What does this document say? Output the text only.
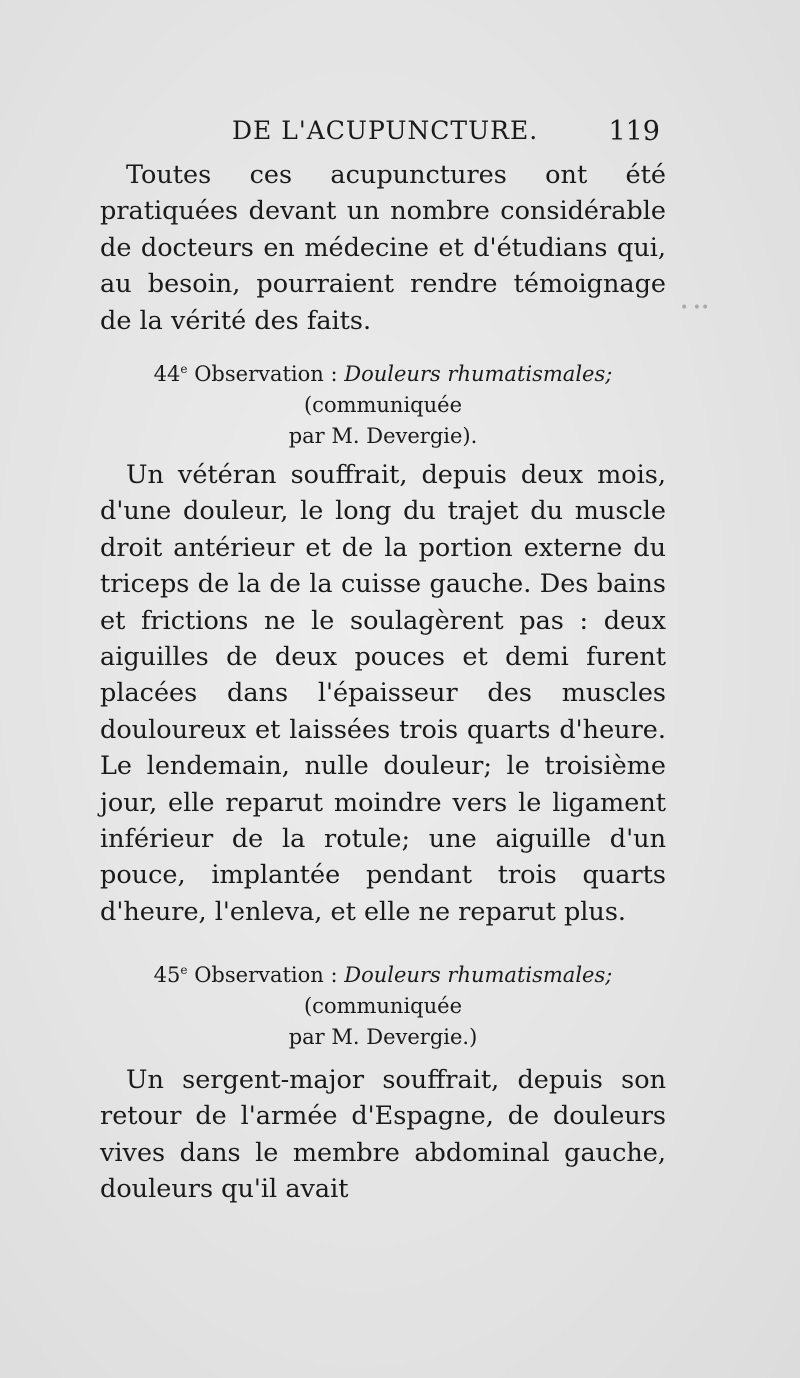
DE L'ACUPUNCTURE.	119

Toutes ces acupunctures ont été pratiquées devant un nombre considérable de docteurs en médecine et d'étudians qui, au besoin, pourraient rendre témoignage de la vérité des faits.

44e Observation : Douleurs rhumatismales; (communiquée
par M. Devergie).

Un vétéran souffrait, depuis deux mois, d'une douleur, le long du trajet du muscle droit antérieur et de la portion externe du triceps de la de la cuisse gauche. Des bains et frictions ne le soulagèrent pas : deux aiguilles de deux pouces et demi furent placées dans l'épaisseur des muscles douloureux et laissées trois quarts d'heure. Le lendemain, nulle douleur; le troisième jour, elle reparut moindre vers le ligament inférieur de la rotule; une aiguille d'un pouce, implantée pendant trois quarts d'heure, l'enleva, et elle ne reparut plus.

45e Observation : Douleurs rhumatismales; (communiquée
par M. Devergie.)

Un sergent-major souffrait, depuis son retour de l'armée d'Espagne, de douleurs vives dans le membre abdominal gauche, douleurs qu'il avait

• ••
